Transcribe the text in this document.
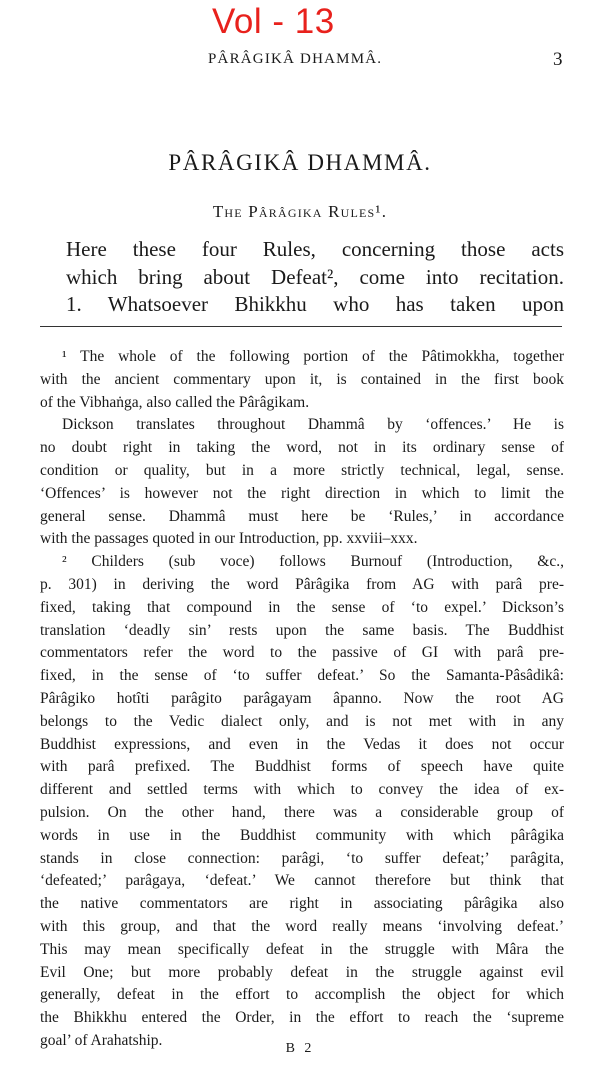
Vol - 13
PÂRÂGIKÂ DHAMMÂ.	3
PÂRÂGIKÂ DHAMMÂ.
The Pârâgika Rules¹.
Here these four Rules, concerning those acts
which bring about Defeat², come into recitation.
1. Whatsoever Bhikkhu who has taken upon
¹ The whole of the following portion of the Pâtimokkha, together
with the ancient commentary upon it, is contained in the first book
of the Vibhaṅga, also called the Pârâgikam.
Dickson translates throughout Dhammâ by ‘offences.’ He is
no doubt right in taking the word, not in its ordinary sense of
condition or quality, but in a more strictly technical, legal, sense.
‘Offences’ is however not the right direction in which to limit the
general sense. Dhammâ must here be ‘Rules,’ in accordance
with the passages quoted in our Introduction, pp. xxviii–xxx.
² Childers (sub voce) follows Burnouf (Introduction, &c.,
p. 301) in deriving the word Pârâgika from AG with parâ pre-
fixed, taking that compound in the sense of ‘to expel.’ Dickson’s
translation ‘deadly sin’ rests upon the same basis. The Buddhist
commentators refer the word to the passive of GI with parâ pre-
fixed, in the sense of ‘to suffer defeat.’ So the Samanta-Pâsâdikâ:
Pârâgiko hotîti parâgito parâgayam âpanno. Now the root AG
belongs to the Vedic dialect only, and is not met with in any
Buddhist expressions, and even in the Vedas it does not occur
with parâ prefixed. The Buddhist forms of speech have quite
different and settled terms with which to convey the idea of ex-
pulsion. On the other hand, there was a considerable group of
words in use in the Buddhist community with which pârâgika
stands in close connection: parâgi, ‘to suffer defeat;’ parâgita,
‘defeated;’ parâgaya, ‘defeat.’ We cannot therefore but think that
the native commentators are right in associating pârâgika also
with this group, and that the word really means ‘involving defeat.’
This may mean specifically defeat in the struggle with Mâra the
Evil One; but more probably defeat in the struggle against evil
generally, defeat in the effort to accomplish the object for which
the Bhikkhu entered the Order, in the effort to reach the ‘supreme
goal’ of Arahatship.	B 2
